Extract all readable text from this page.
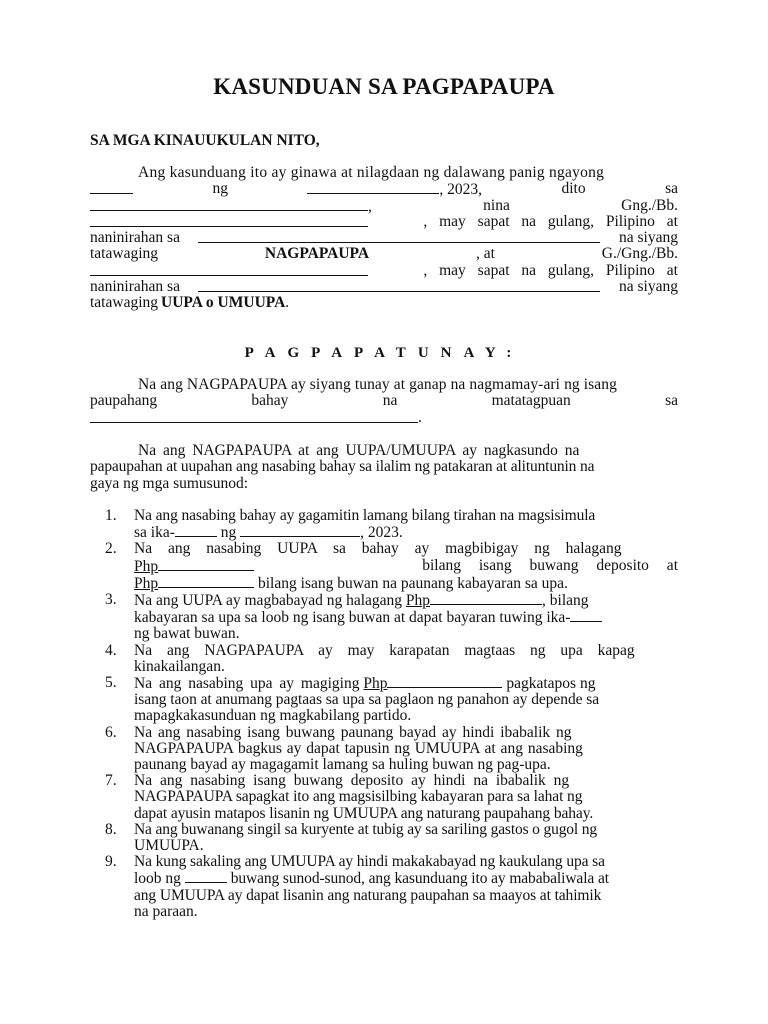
KASUNDUAN SA PAGPAPAUPA
SA MGA KINAUUKULAN NITO,
Ang kasunduang ito ay ginawa at nilagdaan ng dalawang panig ngayong
ng	, 2023,	dito	sa
,	nina	Gng./Bb.
, may sapat na gulang, Pilipino at
naninirahan sa	na siyang
tatawaging	NAGPAPAUPA	, at	G./Gng./Bb.
, may sapat na gulang, Pilipino at
naninirahan sa	na siyang
tatawaging UUPA o UMUUPA .
PAGPAPATUNAY:
Na ang NAGPAPAUPA ay siyang tunay at ganap na nagmamay-ari ng isang
paupahang	bahay	na	matatagpuan	sa
.
Na ang NAGPAPAUPA at ang UUPA/UMUUPA ay nagkasundo na
papaupahan at uupahan ang nasabing bahay sa ilalim ng patakaran at alituntunin na
gaya ng mga sumusunod:
1. Na ang nasabing bahay ay gagamitin lamang bilang tirahan na magsisimula
sa ika-	ng	, 2023.
2. Na ang nasabing UUPA sa bahay ay magbibigay ng halagang
Php	bilang isang buwang deposito at
Php	bilang isang buwan na paunang kabayaran sa upa.
3. Na ang UUPA ay magbabayad ng halagang Php	, bilang
kabayaran sa upa sa loob ng isang buwan at dapat bayaran tuwing ika-
ng bawat buwan.
4. Na ang NAGPAPAUPA ay may karapatan magtaas ng upa kapag
kinakailangan.
5. Na ang nasabing upa ay magiging Php	pagkatapos ng
isang taon at anumang pagtaas sa upa sa paglaon ng panahon ay depende sa
mapagkakasunduan ng magkabilang partido.
6. Na ang nasabing isang buwang paunang bayad ay hindi ibabalik ng
NAGPAPAUPA bagkus ay dapat tapusin ng UMUUPA at ang nasabing
paunang bayad ay magagamit lamang sa huling buwan ng pag-upa.
7. Na ang nasabing isang buwang deposito ay hindi na ibabalik ng
NAGPAPAUPA sapagkat ito ang magsisilbing kabayaran para sa lahat ng
dapat ayusin matapos lisanin ng UMUUPA ang naturang paupahang bahay.
8. Na ang buwanang singil sa kuryente at tubig ay sa sariling gastos o gugol ng
UMUUPA.
9. Na kung sakaling ang UMUUPA ay hindi makakabayad ng kaukulang upa sa
loob ng	buwang sunod-sunod, ang kasunduang ito ay mababaliwala at
ang UMUUPA ay dapat lisanin ang naturang paupahan sa maayos at tahimik
na paraan.
